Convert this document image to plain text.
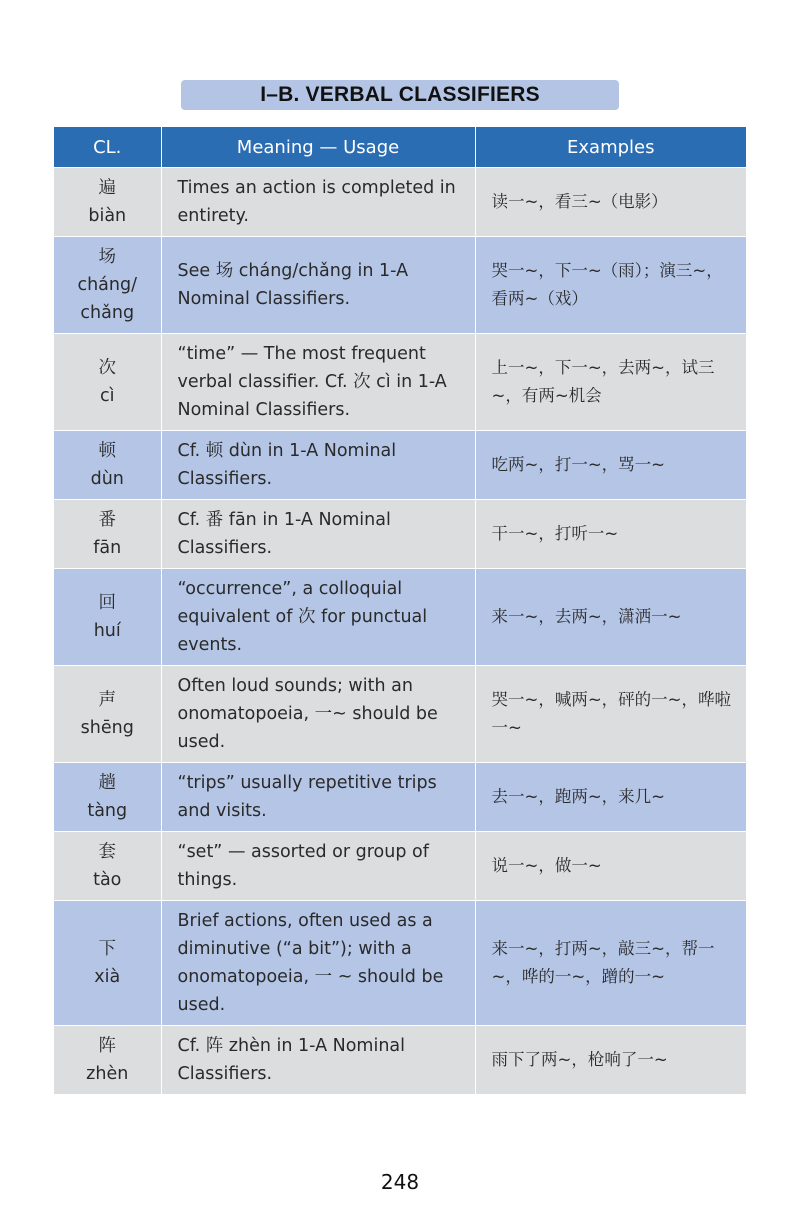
I–B. VERBAL CLASSIFIERS
CL.	Meaning — Usage	Examples

遍
biàn	Times an action is completed in entirety.	读一~，看三~（电影）

场
cháng/ chǎng	See 场 cháng/chǎng in 1-A Nominal Classifiers.	哭一~，下一~（雨）；演三~，看两~（戏）

次
cì	“time” — The most frequent verbal classifier. Cf. 次 cì in 1-A Nominal Classifiers.	上一~，下一~，去两~，试三~，有两~机会

顿
dùn	Cf. 顿 dùn in 1-A Nominal Classifiers.	吃两~，打一~，骂一~

番
fān	Cf. 番 fān in 1-A Nominal Classifiers.	干一~，打听一~

回
huí	“occurrence”, a colloquial equivalent of 次 for punctual events.	来一~，去两~，潇洒一~

声
shēng	Often loud sounds; with an onomatopoeia, 一~ should be used.	哭一~，喊两~，砰的一~，哗啦一~

趟
tàng	“trips” usually repetitive trips and visits.	去一~，跑两~，来几~

套
tào	“set” — assorted or group of things.	说一~，做一~

下
xià	Brief actions, often used as a diminutive (“a bit”); with a onomatopoeia, 一 ~ should be used.	来一~，打两~，敲三~，帮一~，哗的一~，蹭的一~

阵
zhèn	Cf. 阵 zhèn in 1-A Nominal Classifiers.	雨下了两~，枪响了一~
248
